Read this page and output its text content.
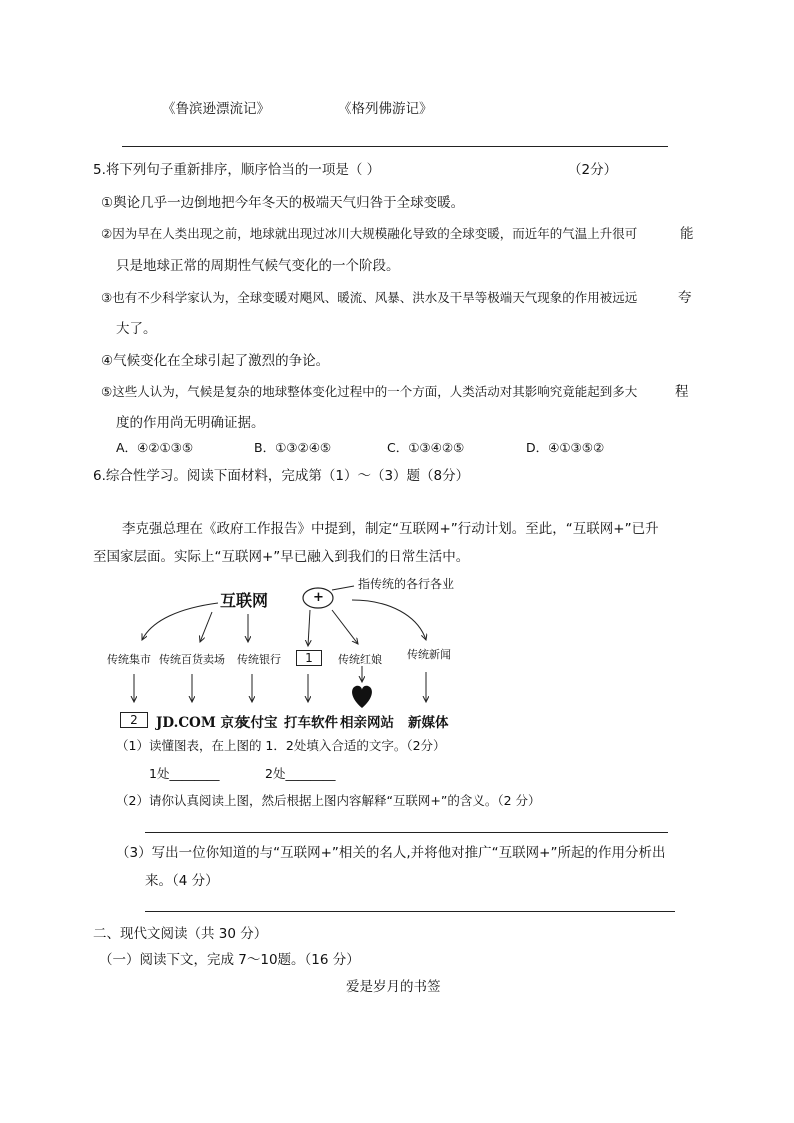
《鲁滨逊漂流记》	《格列佛游记》
5.将下列句子重新排序，顺序恰当的一项是（ ）	（2分）
①舆论几乎一边倒地把今年冬天的极端天气归咎于全球变暖。
②因为早在人类出现之前，地球就出现过冰川大规模融化导致的全球变暖，而近年的气温上升很可	能
只是地球正常的周期性气候气变化的一个阶段。
③也有不少科学家认为，全球变暖对飓风、暖流、风暴、洪水及干旱等极端天气现象的作用被远远	夸
大了。
④气候变化在全球引起了激烈的争论。
⑤这些人认为，气候是复杂的地球整体变化过程中的一个方面，人类活动对其影响究竟能起到多大	程
度的作用尚无明确证据。
A．④②①③⑤	B．①③②④⑤	C．①③④②⑤	D．④①③⑤②
6.综合性学习。阅读下面材料，完成第（1）～（3）题（8分）
李克强总理在《政府工作报告》中提到，制定“互联网+”行动计划。至此，“互联网+”已升
至国家层面。实际上“互联网+”早已融入到我们的日常生活中。
互联网	+
指传统的各行各业
传统集市 传统百货卖场 传统银行	1	传统红娘 传统新闻
2	JD.COM 京东
支付宝 打车软件 相亲网站 新媒体
（1）读懂图表，在上图的 1．2处填入合适的文字。（2分）
1处________	2处________
（2）请你认真阅读上图，然后根据上图内容解释“互联网+”的含义。（2 分）
（3）写出一位你知道的与“互联网+”相关的名人,并将他对推广“互联网+”所起的作用分析出
来。（4 分）
二、现代文阅读（共 30 分）
（一）阅读下文，完成 7～10题。（16 分）
爱是岁月的书签
